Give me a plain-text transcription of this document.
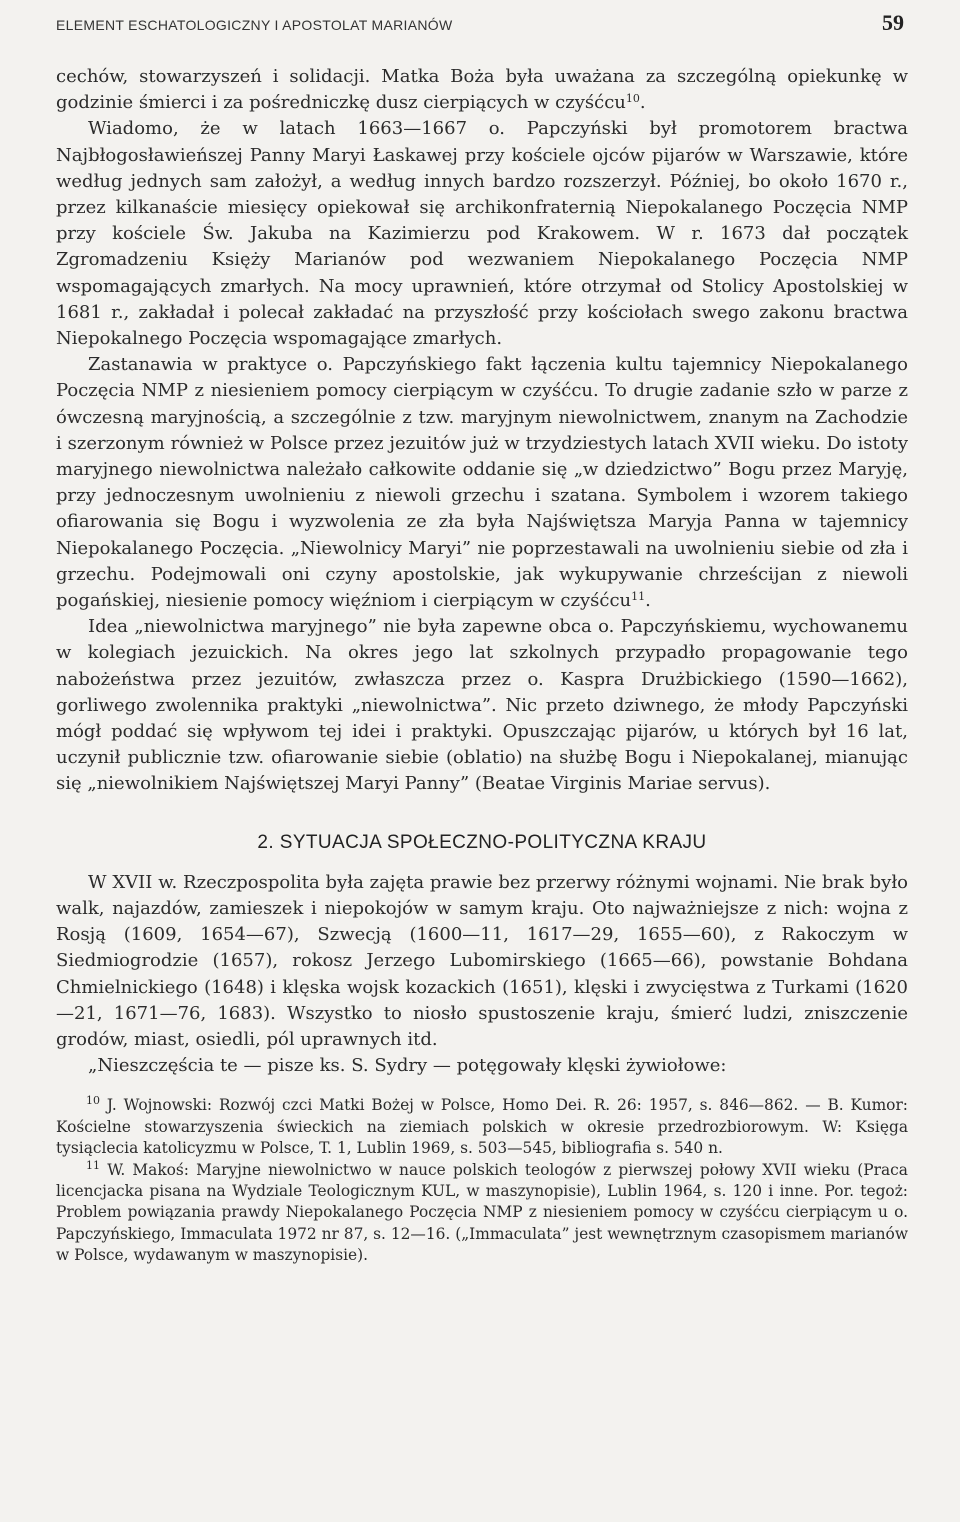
ELEMENT ESCHATOLOGICZNY I APOSTOLAT MARIANÓW	59

cechów, stowarzyszeń i solidacji. Matka Boża była uważana za szczególną opiekunkę w godzinie śmierci i za pośredniczkę dusz cierpiących w czyśćcu$^{10}$.

Wiadomo, że w latach 1663—1667 o. Papczyński był promotorem bractwa Najbłogosławieńszej Panny Maryi Łaskawej przy kościele ojców pijarów w Warszawie, które według jednych sam założył, a według innych bardzo rozszerzył. Później, bo około 1670 r., przez kilkanaście miesięcy opiekował się archikonfraternią Niepokalanego Poczęcia NMP przy kościele Św. Jakuba na Kazimierzu pod Krakowem. W r. 1673 dał początek Zgromadzeniu Księży Marianów pod wezwaniem Niepokalanego Poczęcia NMP wspomagających zmarłych. Na mocy uprawnień, które otrzymał od Stolicy Apostolskiej w 1681 r., zakładał i polecał zakładać na przyszłość przy kościołach swego zakonu bractwa Niepokalnego Poczęcia wspomagające zmarłych.

Zastanawia w praktyce o. Papczyńskiego fakt łączenia kultu tajemnicy Niepokalanego Poczęcia NMP z niesieniem pomocy cierpiącym w czyśćcu. To drugie zadanie szło w parze z ówczesną maryjnością, a szczególnie z tzw. maryjnym niewolnictwem, znanym na Zachodzie i szerzonym również w Polsce przez jezuitów już w trzydziestych latach XVII wieku. Do istoty maryjnego niewolnictwa należało całkowite oddanie się „w dziedzictwo” Bogu przez Maryję, przy jednoczesnym uwolnieniu z niewoli grzechu i szatana. Symbolem i wzorem takiego ofiarowania się Bogu i wyzwolenia ze zła była Najświętsza Maryja Panna w tajemnicy Niepokalanego Poczęcia. „Niewolnicy Maryi” nie poprzestawali na uwolnieniu siebie od zła i grzechu. Podejmowali oni czyny apostolskie, jak wykupywanie chrześcijan z niewoli pogańskiej, niesienie pomocy więźniom i cierpiącym w czyśćcu$^{11}$.

Idea „niewolnictwa maryjnego” nie była zapewne obca o. Papczyńskiemu, wychowanemu w kolegiach jezuickich. Na okres jego lat szkolnych przypadło propagowanie tego nabożeństwa przez jezuitów, zwłaszcza przez o. Kaspra Drużbickiego (1590—1662), gorliwego zwolennika praktyki „niewolnictwa”. Nic przeto dziwnego, że młody Papczyński mógł poddać się wpływom tej idei i praktyki. Opuszczając pijarów, u których był 16 lat, uczynił publicznie tzw. ofiarowanie siebie (oblatio) na służbę Bogu i Niepokalanej, mianując się „niewolnikiem Najświętszej Maryi Panny” (Beatae Virginis Mariae servus).

2. SYTUACJA SPOŁECZNO-POLITYCZNA KRAJU

W XVII w. Rzeczpospolita była zajęta prawie bez przerwy różnymi wojnami. Nie brak było walk, najazdów, zamieszek i niepokojów w samym kraju. Oto najważniejsze z nich: wojna z Rosją (1609, 1654—67), Szwecją (1600—11, 1617—29, 1655—60), z Rakoczym w Siedmiogrodzie (1657), rokosz Jerzego Lubomirskiego (1665—66), powstanie Bohdana Chmielnickiego (1648) i klęska wojsk kozackich (1651), klęski i zwycięstwa z Turkami (1620—21, 1671—76, 1683). Wszystko to niosło spustoszenie kraju, śmierć ludzi, zniszczenie grodów, miast, osiedli, pól uprawnych itd.

„Nieszczęścia te — pisze ks. S. Sydry — potęgowały klęski żywiołowe:

$^{10}$ J. Wojnowski: Rozwój czci Matki Bożej w Polsce, Homo Dei. R. 26: 1957, s. 846—862. — B. Kumor: Kościelne stowarzyszenia świeckich na ziemiach polskich w okresie przedrozbiorowym. W: Księga tysiąclecia katolicyzmu w Polsce, T. 1, Lublin 1969, s. 503—545, bibliografia s. 540 n.

$^{11}$ W. Makoś: Maryjne niewolnictwo w nauce polskich teologów z pierwszej połowy XVII wieku (Praca licencjacka pisana na Wydziale Teologicznym KUL, w maszynopisie), Lublin 1964, s. 120 i inne. Por. tegoż: Problem powiązania prawdy Niepokalanego Poczęcia NMP z niesieniem pomocy w czyśćcu cierpiącym u o. Papczyńskiego, Immaculata 1972 nr 87, s. 12—16. („Immaculata” jest wewnętrznym czasopismem marianów w Polsce, wydawanym w maszynopisie).
